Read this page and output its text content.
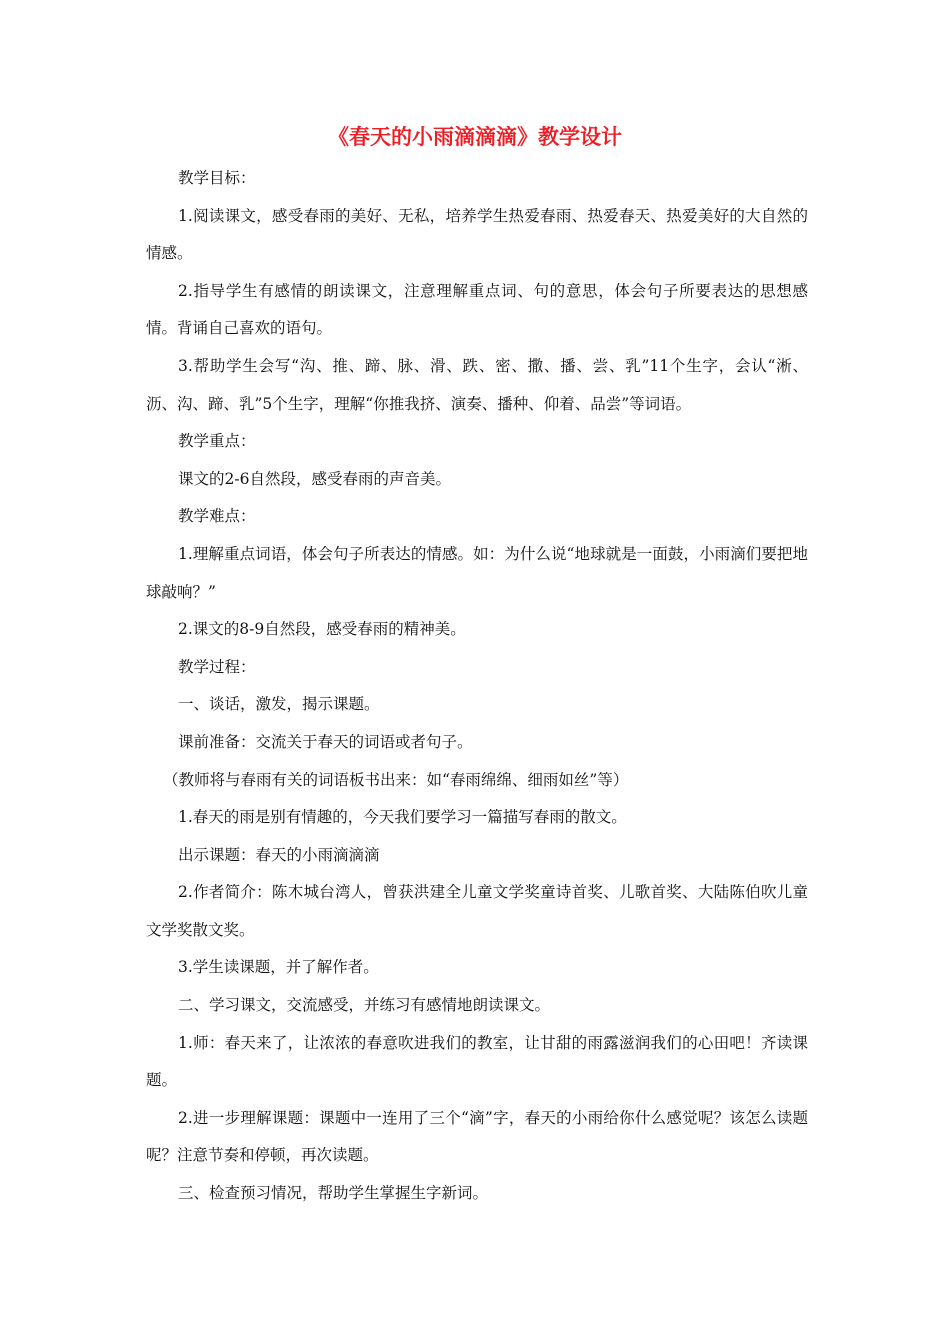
《春天的小雨滴滴滴》教学设计

教学目标：

1.阅读课文，感受春雨的美好、无私，培养学生热爱春雨、热爱春天、热爱美好的大自然的情感。

2.指导学生有感情的朗读课文，注意理解重点词、句的意思，体会句子所要表达的思想感情。背诵自己喜欢的语句。

3.帮助学生会写“沟、推、蹄、脉、滑、跌、密、撒、播、尝、乳”11个生字，会认“淅、沥、沟、蹄、乳”5个生字，理解“你推我挤、演奏、播种、仰着、品尝”等词语。

教学重点：

课文的2-6自然段，感受春雨的声音美。

教学难点：

1.理解重点词语，体会句子所表达的情感。如：为什么说“地球就是一面鼓，小雨滴们要把地球敲响？”

2.课文的8-9自然段，感受春雨的精神美。

教学过程：

一、谈话，激发，揭示课题。

课前准备：交流关于春天的词语或者句子。

（教师将与春雨有关的词语板书出来：如“春雨绵绵、细雨如丝”等）

1.春天的雨是别有情趣的，今天我们要学习一篇描写春雨的散文。

出示课题：春天的小雨滴滴滴

2.作者简介：陈木城台湾人，曾获洪建全儿童文学奖童诗首奖、儿歌首奖、大陆陈伯吹儿童文学奖散文奖。

3.学生读课题，并了解作者。

二、学习课文，交流感受，并练习有感情地朗读课文。

1.师：春天来了，让浓浓的春意吹进我们的教室，让甘甜的雨露滋润我们的心田吧！齐读课题。

2.进一步理解课题：课题中一连用了三个“滴”字，春天的小雨给你什么感觉呢？该怎么读题呢？注意节奏和停顿，再次读题。

三、检查预习情况，帮助学生掌握生字新词。
